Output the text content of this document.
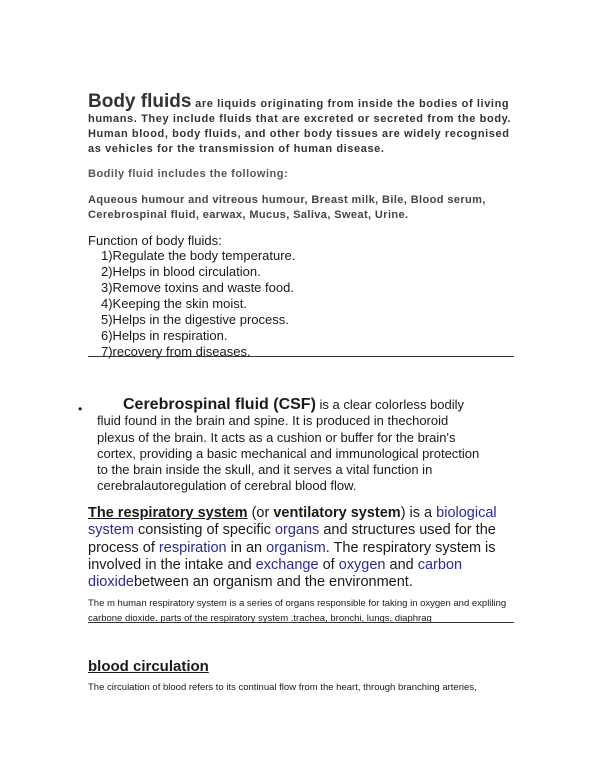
Body fluids are liquids originating from inside the bodies of living humans. They include fluids that are excreted or secreted from the body. Human blood, body fluids, and other body tissues are widely recognised as vehicles for the transmission of human disease.
Bodily fluid includes the following:
Aqueous humour and vitreous humour, Breast milk, Bile, Blood serum, Cerebrospinal fluid, earwax, Mucus, Saliva, Sweat, Urine.
Function of body fluids:
1)Regulate the body temperature.
2)Helps in blood circulation.
3)Remove toxins and waste food.
4)Keeping the skin moist.
5)Helps in the digestive process.
6)Helps in respiration.
7)recovery from diseases.
•	Cerebrospinal fluid (CSF) is a clear colorless bodily fluid found in the brain and spine. It is produced in thechoroid plexus of the brain. It acts as a cushion or buffer for the brain's cortex, providing a basic mechanical and immunological protection to the brain inside the skull, and it serves a vital function in cerebralautoregulation of cerebral blood flow.
The respiratory system (or ventilatory system) is a biological system consisting of specific organs and structures used for the process of respiration in an organism. The respiratory system is involved in the intake and exchange of oxygen and carbon dioxidebetween an organism and the environment.
The m human respiratory system is a series of organs responsible for taking in oxygen and expliling carbone dioxide. parts of the respiratory system .trachea, bronchi, lungs, diaphrag
blood circulation
The circulation of blood refers to its continual flow from the heart, through branching arteries,
